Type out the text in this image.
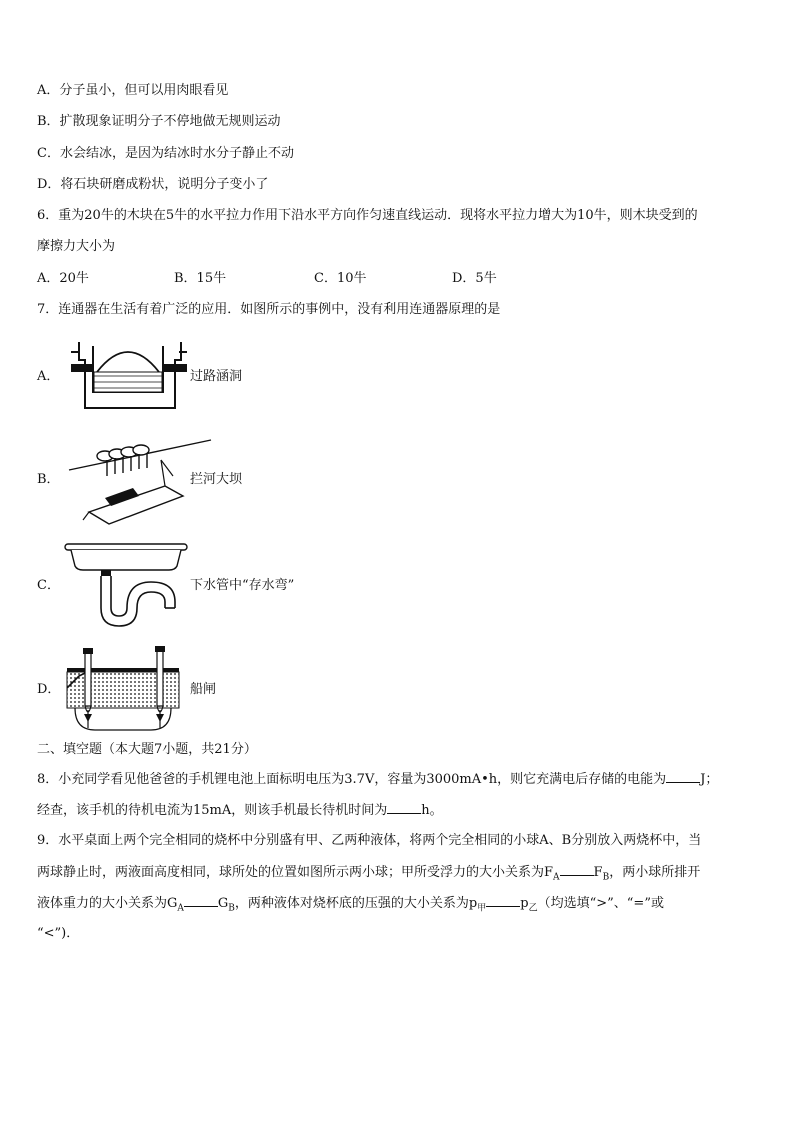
A．分子虽小，但可以用肉眼看见
B．扩散现象证明分子不停地做无规则运动
C．水会结冰，是因为结冰时水分子静止不动
D．将石块研磨成粉状，说明分子变小了
6．重为20牛的木块在5牛的水平拉力作用下沿水平方向作匀速直线运动．现将水平拉力增大为10牛，则木块受到的
摩擦力大小为
A．20牛	B．15牛	C．10牛	D．5牛
7．连通器在生活有着广泛的应用．如图所示的事例中，没有利用连通器原理的是
A．	过路涵洞
B．	拦河大坝
C．	下水管中“存水弯”
D．	船闸
二、填空题（本大题7小题，共21分）
8．小充同学看见他爸爸的手机锂电池上面标明电压为3.7V，容量为3000mA•h，则它充满电后存储的电能为	J；
经查，该手机的待机电流为15mA，则该手机最长待机时间为	h。
9．水平桌面上两个完全相同的烧杯中分别盛有甲、乙两种液体，将两个完全相同的小球A、B分别放入两烧杯中，当
两球静止时，两液面高度相同，球所处的位置如图所示两小球；甲所受浮力的大小关系为$F_A$	$F_B$，两小球所排开
液体重力的大小关系为$G_A$	$G_B$，两种液体对烧杯底的压强的大小关系为$p_甲$	$p_乙$（均选填“>”、“=”或
“<”)．
